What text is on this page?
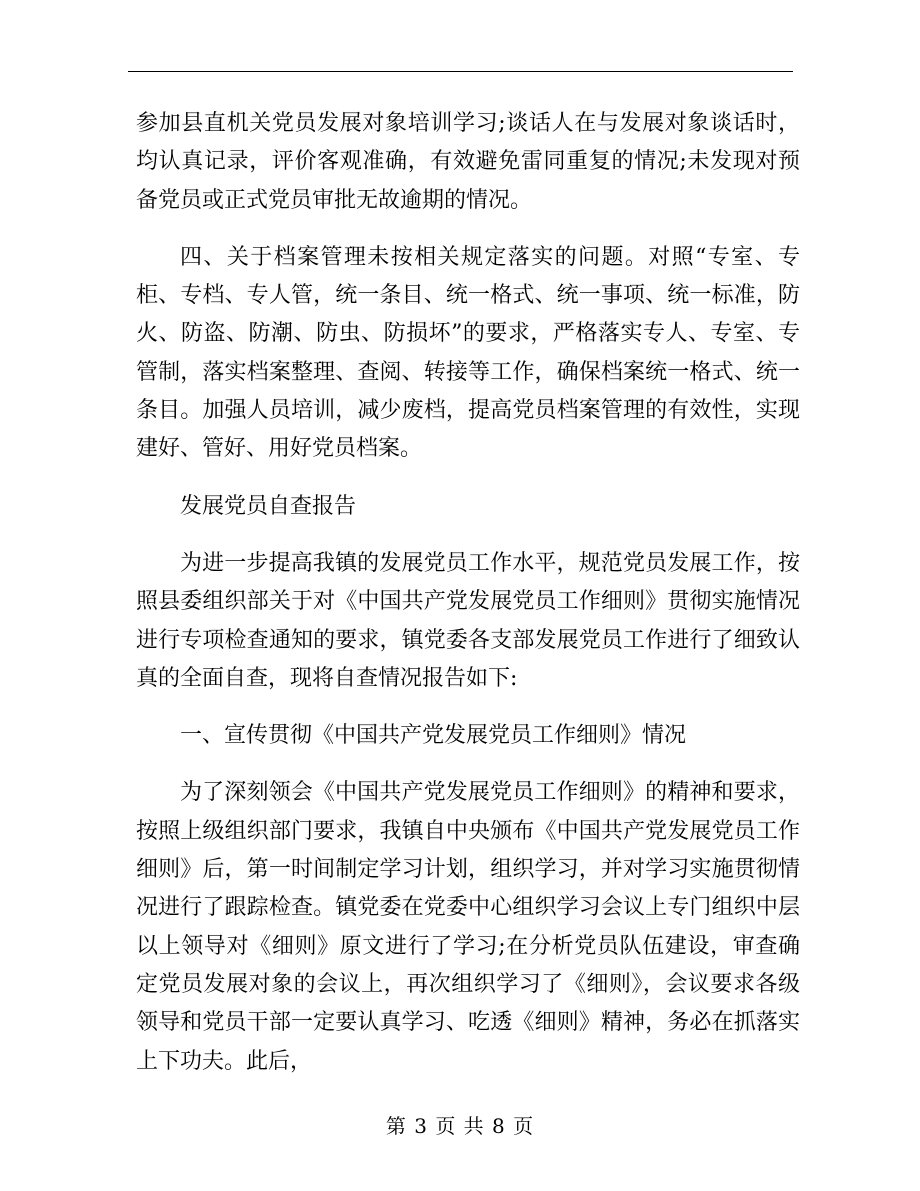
参加县直机关党员发展对象培训学习;谈话人在与发展对象谈话时，均认真记录，评价客观准确，有效避免雷同重复的情况;未发现对预备党员或正式党员审批无故逾期的情况。

四、关于档案管理未按相关规定落实的问题。对照“专室、专柜、专档、专人管，统一条目、统一格式、统一事项、统一标准，防火、防盗、防潮、防虫、防损坏”的要求，严格落实专人、专室、专管制，落实档案整理、查阅、转接等工作，确保档案统一格式、统一条目。加强人员培训，减少废档，提高党员档案管理的有效性，实现建好、管好、用好党员档案。

发展党员自查报告

为进一步提高我镇的发展党员工作水平，规范党员发展工作，按照县委组织部关于对《中国共产党发展党员工作细则》贯彻实施情况进行专项检查通知的要求，镇党委各支部发展党员工作进行了细致认真的全面自查，现将自查情况报告如下:

一、宣传贯彻《中国共产党发展党员工作细则》情况

为了深刻领会《中国共产党发展党员工作细则》的精神和要求，按照上级组织部门要求，我镇自中央颁布《中国共产党发展党员工作细则》后，第一时间制定学习计划，组织学习，并对学习实施贯彻情况进行了跟踪检查。镇党委在党委中心组织学习会议上专门组织中层以上领导对《细则》原文进行了学习;在分析党员队伍建设，审查确定党员发展对象的会议上，再次组织学习了《细则》，会议要求各级领导和党员干部一定要认真学习、吃透《细则》精神，务必在抓落实上下功夫。此后，

第 3 页 共 8 页
